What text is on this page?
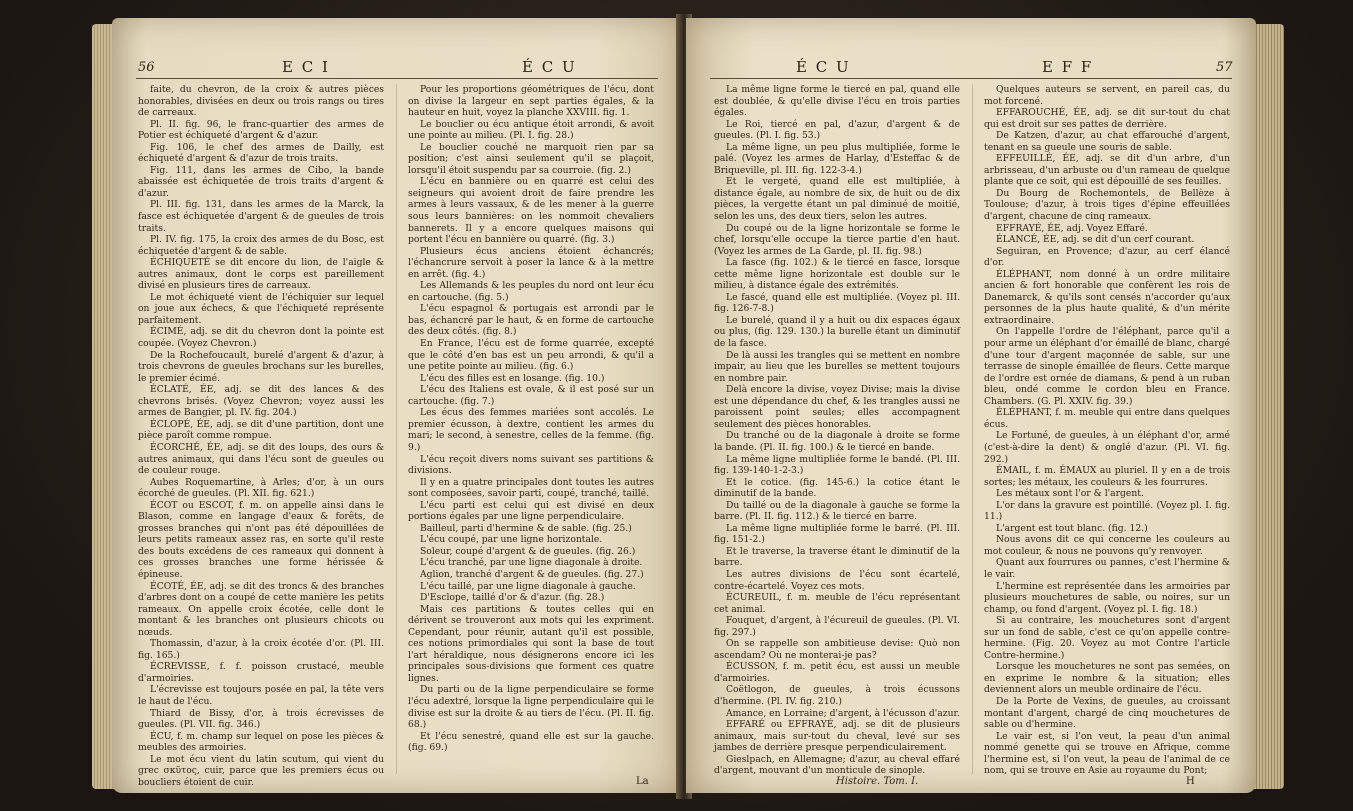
56	E C I	É C U

faite, du chevron, de la croix & autres pièces honorables, divisées en deux ou trois rangs ou tires de carreaux.

Pl. II. fig. 96, le franc-quartier des armes de Potier est échiqueté d'argent & d'azur.

Fig. 106, le chef des armes de Dailly, est échiqueté d'argent & d'azur de trois traits.

Fig. 111, dans les armes de Cibo, la bande abaissée est échiquetée de trois traits d'argent & d'azur.

Pl. III. fig. 131, dans les armes de la Marck, la fasce est échiquetée d'argent & de gueules de trois traits.

Pl. IV. fig. 175, la croix des armes de du Bosc, est échiquetée d'argent & de sable.

ÉCHIQUETÉ se dit encore du lion, de l'aigle & autres animaux, dont le corps est pareillement divisé en plusieurs tires de carreaux.

Le mot échiqueté vient de l'échiquier sur lequel on joue aux échecs, & que l'échiqueté représente parfaitement.

ÉCIMÉ, adj. se dit du chevron dont la pointe est coupée. (Voyez Chevron.)

De la Rochefoucault, burelé d'argent & d'azur, à trois chevrons de gueules brochans sur les burelles, le premier écimé.

ÉCLATÉ, ÉE, adj. se dit des lances & des chevrons brisés. (Voyez Chevron; voyez aussi les armes de Bangier, pl. IV. fig. 204.)

ÉCLOPÉ, ÉE, adj. se dit d'une partition, dont une pièce paroît comme rompue.

ÉCORCHÉ, ÉE, adj. se dit des loups, des ours & autres animaux, qui dans l'écu sont de gueules ou de couleur rouge.

Aubes Roquemartine, à Arles; d'or, à un ours écorché de gueules. (Pl. XII. fig. 621.)

ÉCOT ou ESCOT, f. m. on appelle ainsi dans le Blason, comme en langage d'eaux & forêts, de grosses branches qui n'ont pas été dépouillées de leurs petits rameaux assez ras, en sorte qu'il reste des bouts excédens de ces rameaux qui donnent à ces grosses branches une forme hérissée & épineuse.

ÉCOTÉ, ÉE, adj. se dit des troncs & des branches d'arbres dont on a coupé de cette manière les petits rameaux. On appelle croix écotée, celle dont le montant & les branches ont plusieurs chicots ou nœuds.

Thomassin, d'azur, à la croix écotée d'or. (Pl. III. fig. 165.)

ÉCREVISSE, f. f. poisson crustacé, meuble d'armoiries.

L'écrevisse est toujours posée en pal, la tête vers le haut de l'écu.

Thiard de Bissy, d'or, à trois écrevisses de gueules. (Pl. VII. fig. 346.)

ÉCU, f. m. champ sur lequel on pose les pièces & meubles des armoiries.

Le mot écu vient du latin scutum, qui vient du grec σκῦτος, cuir, parce que les premiers écus ou boucliers étoient de cuir.

Pour les proportions géométriques de l'écu, dont on divise la largeur en sept parties égales, & la hauteur en huit, voyez la planche XXVIII. fig. 1.

Le bouclier ou écu antique étoit arrondi, & avoit une pointe au milieu. (Pl. I. fig. 28.)

Le bouclier couché ne marquoit rien par sa position; c'est ainsi seulement qu'il se plaçoit, lorsqu'il étoit suspendu par sa courroie. (fig. 2.)

L'écu en bannière ou en quarré est celui des seigneurs qui avoient droit de faire prendre les armes à leurs vassaux, & de les mener à la guerre sous leurs bannières: on les nommoit chevaliers bannerets. Il y a encore quelques maisons qui portent l'écu en bannière ou quarré. (fig. 3.)

Plusieurs écus anciens étoient échancrés; l'échancrure servoit à poser la lance & à la mettre en arrêt. (fig. 4.)

Les Allemands & les peuples du nord ont leur écu en cartouche. (fig. 5.)

L'écu espagnol & portugais est arrondi par le bas, échancré par le haut, & en forme de cartouche des deux côtés. (fig. 8.)

En France, l'écu est de forme quarrée, excepté que le côté d'en bas est un peu arrondi, & qu'il a une petite pointe au milieu. (fig. 6.)

L'écu des filles est en losange. (fig. 10.)

L'écu des Italiens est ovale, & il est posé sur un cartouche. (fig. 7.)

Les écus des femmes mariées sont accolés. Le premier écusson, à dextre, contient les armes du mari; le second, à senestre, celles de la femme. (fig. 9.)

L'écu reçoit divers noms suivant ses partitions & divisions.

Il y en a quatre principales dont toutes les autres sont composées, savoir parti, coupé, tranché, taillé.

L'écu parti est celui qui est divisé en deux portions égales par une ligne perpendiculaire.

Bailleul, parti d'hermine & de sable. (fig. 25.)

L'écu coupé, par une ligne horizontale.

Soleur, coupé d'argent & de gueules. (fig. 26.)

L'écu tranché, par une ligne diagonale à droite.

Aglion, tranché d'argent & de gueules. (fig. 27.)

L'écu taillé, par une ligne diagonale à gauche.

D'Esclope, taillé d'or & d'azur. (fig. 28.)

Mais ces partitions & toutes celles qui en dérivent se trouveront aux mots qui les expriment. Cependant, pour réunir, autant qu'il est possible, ces notions primordiales qui sont la base de tout l'art héraldique, nous désignerons encore ici les principales sous-divisions que forment ces quatre lignes.

Du parti ou de la ligne perpendiculaire se forme l'écu adextré, lorsque la ligne perpendiculaire qui le divise est sur la droite & au tiers de l'écu. (Pl. II. fig. 68.)

Et l'écu senestré, quand elle est sur la gauche. (fig. 69.)

La
É C U	E F F	57

La même ligne forme le tiercé en pal, quand elle est doublée, & qu'elle divise l'écu en trois parties égales.

Le Roi, tiercé en pal, d'azur, d'argent & de gueules. (Pl. I. fig. 53.)

La même ligne, un peu plus multipliée, forme le palé. (Voyez les armes de Harlay, d'Esteffac & de Briqueville, pl. III. fig. 122-3-4.)

Et le vergeté, quand elle est multipliée, à distance égale, au nombre de six, de huit ou de dix pièces, la vergette étant un pal diminué de moitié, selon les uns, des deux tiers, selon les autres.

Du coupé ou de la ligne horizontale se forme le chef, lorsqu'elle occupe la tierce partie d'en haut. (Voyez les armes de La Garde, pl. II. fig. 98.)

La fasce (fig. 102.) & le tiercé en fasce, lorsque cette même ligne horizontale est double sur le milieu, à distance égale des extrémités.

Le fascé, quand elle est multipliée. (Voyez pl. III. fig. 126-7-8.)

Le burelé, quand il y a huit ou dix espaces égaux ou plus, (fig. 129. 130.) la burelle étant un diminutif de la fasce.

De là aussi les trangles qui se mettent en nombre impair, au lieu que les burelles se mettent toujours en nombre pair.

Delà encore la divise, voyez Divise; mais la divise est une dépendance du chef, & les trangles aussi ne paroissent point seules; elles accompagnent seulement des pièces honorables.

Du tranché ou de la diagonale à droite se forme la bande. (Pl. II. fig. 100.) & le tiercé en bande.

La même ligne multipliée forme le bandé. (Pl. III. fig. 139-140-1-2-3.)

Et le cotice. (fig. 145-6.) la cotice étant le diminutif de la bande.

Du taillé ou de la diagonale à gauche se forme la barre. (Pl. II. fig. 112.) & le tiercé en barre.

La même ligne multipliée forme le barré. (Pl. III. fig. 151-2.)

Et le traverse, la traverse étant le diminutif de la barre.

Les autres divisions de l'écu sont écartelé, contre-écartelé. Voyez ces mots.

ÉCUREUIL, f. m. meuble de l'écu représentant cet animal.

Fouquet, d'argent, à l'écureuil de gueules. (Pl. VI. fig. 297.)

On se rappelle son ambitieuse devise: Quò non ascendam? Où ne monterai-je pas?

ÉCUSSON, f. m. petit écu, est aussi un meuble d'armoiries.

Coëtlogon, de gueules, à trois écussons d'hermine. (Pl. IV. fig. 210.)

Amance, en Lorraine; d'argent, à l'écusson d'azur.

EFFARÉ ou EFFRAYÉ, adj. se dit de plusieurs animaux, mais sur-tout du cheval, levé sur ses jambes de derrière presque perpendiculairement.

Gieslpach, en Allemagne; d'azur, au cheval effaré d'argent, mouvant d'un monticule de sinople.

Quelques auteurs se servent, en pareil cas, du mot forcené.

EFFAROUCHÉ, ÉE, adj. se dit sur-tout du chat qui est droit sur ses pattes de derrière.

De Katzen, d'azur, au chat effarouché d'argent, tenant en sa gueule une souris de sable.

EFFEUILLÉ, ÉE, adj. se dit d'un arbre, d'un arbrisseau, d'un arbuste ou d'un rameau de quelque plante que ce soit, qui est dépouillé de ses feuilles.

Du Bourg de Rochemontels, de Bellèze à Toulouse; d'azur, à trois tiges d'épine effeuillées d'argent, chacune de cinq rameaux.

EFFRAYÉ, ÉE, adj. Voyez Effaré.

ÉLANCÉ, ÉE, adj. se dit d'un cerf courant.

Seguiran, en Provence; d'azur, au cerf élancé d'or.

ÉLÉPHANT, nom donné à un ordre militaire ancien & fort honorable que confèrent les rois de Danemarck, & qu'ils sont censés n'accorder qu'aux personnes de la plus haute qualité, & d'un mérite extraordinaire.

On l'appelle l'ordre de l'éléphant, parce qu'il a pour arme un éléphant d'or émaillé de blanc, chargé d'une tour d'argent maçonnée de sable, sur une terrasse de sinople émaillée de fleurs. Cette marque de l'ordre est ornée de diamans, & pend à un ruban bleu, ondé comme le cordon bleu en France. Chambers. (G. Pl. XXIV. fig. 39.)

ÉLÉPHANT, f. m. meuble qui entre dans quelques écus.

Le Fortuné, de gueules, à un éléphant d'or, armé (c'est-à-dire la dent) & onglé d'azur. (Pl. VI. fig. 292.)

ÉMAIL, f. m. ÉMAUX au pluriel. Il y en a de trois sortes; les métaux, les couleurs & les fourrures.

Les métaux sont l'or & l'argent.

L'or dans la gravure est pointillé. (Voyez pl. I. fig. 11.)

L'argent est tout blanc. (fig. 12.)

Nous avons dit ce qui concerne les couleurs au mot couleur, & nous ne pouvons qu'y renvoyer.

Quant aux fourrures ou pannes, c'est l'hermine & le vair.

L'hermine est représentée dans les armoiries par plusieurs mouchetures de sable, ou noires, sur un champ, ou fond d'argent. (Voyez pl. I. fig. 18.)

Si au contraire, les mouchetures sont d'argent sur un fond de sable, c'est ce qu'on appelle contre-hermine. (Fig. 20. Voyez au mot Contre l'article Contre-hermine.)

Lorsque les mouchetures ne sont pas semées, on en exprime le nombre & la situation; elles deviennent alors un meuble ordinaire de l'écu.

De la Porte de Vexins, de gueules, au croissant montant d'argent, chargé de cinq mouchetures de sable ou d'hermine.

Le vair est, si l'on veut, la peau d'un animal nommé genette qui se trouve en Afrique, comme l'hermine est, si l'on veut, la peau de l'animal de ce nom, qui se trouve en Asie au royaume du Pont;

Histoire. Tom. I.	H
